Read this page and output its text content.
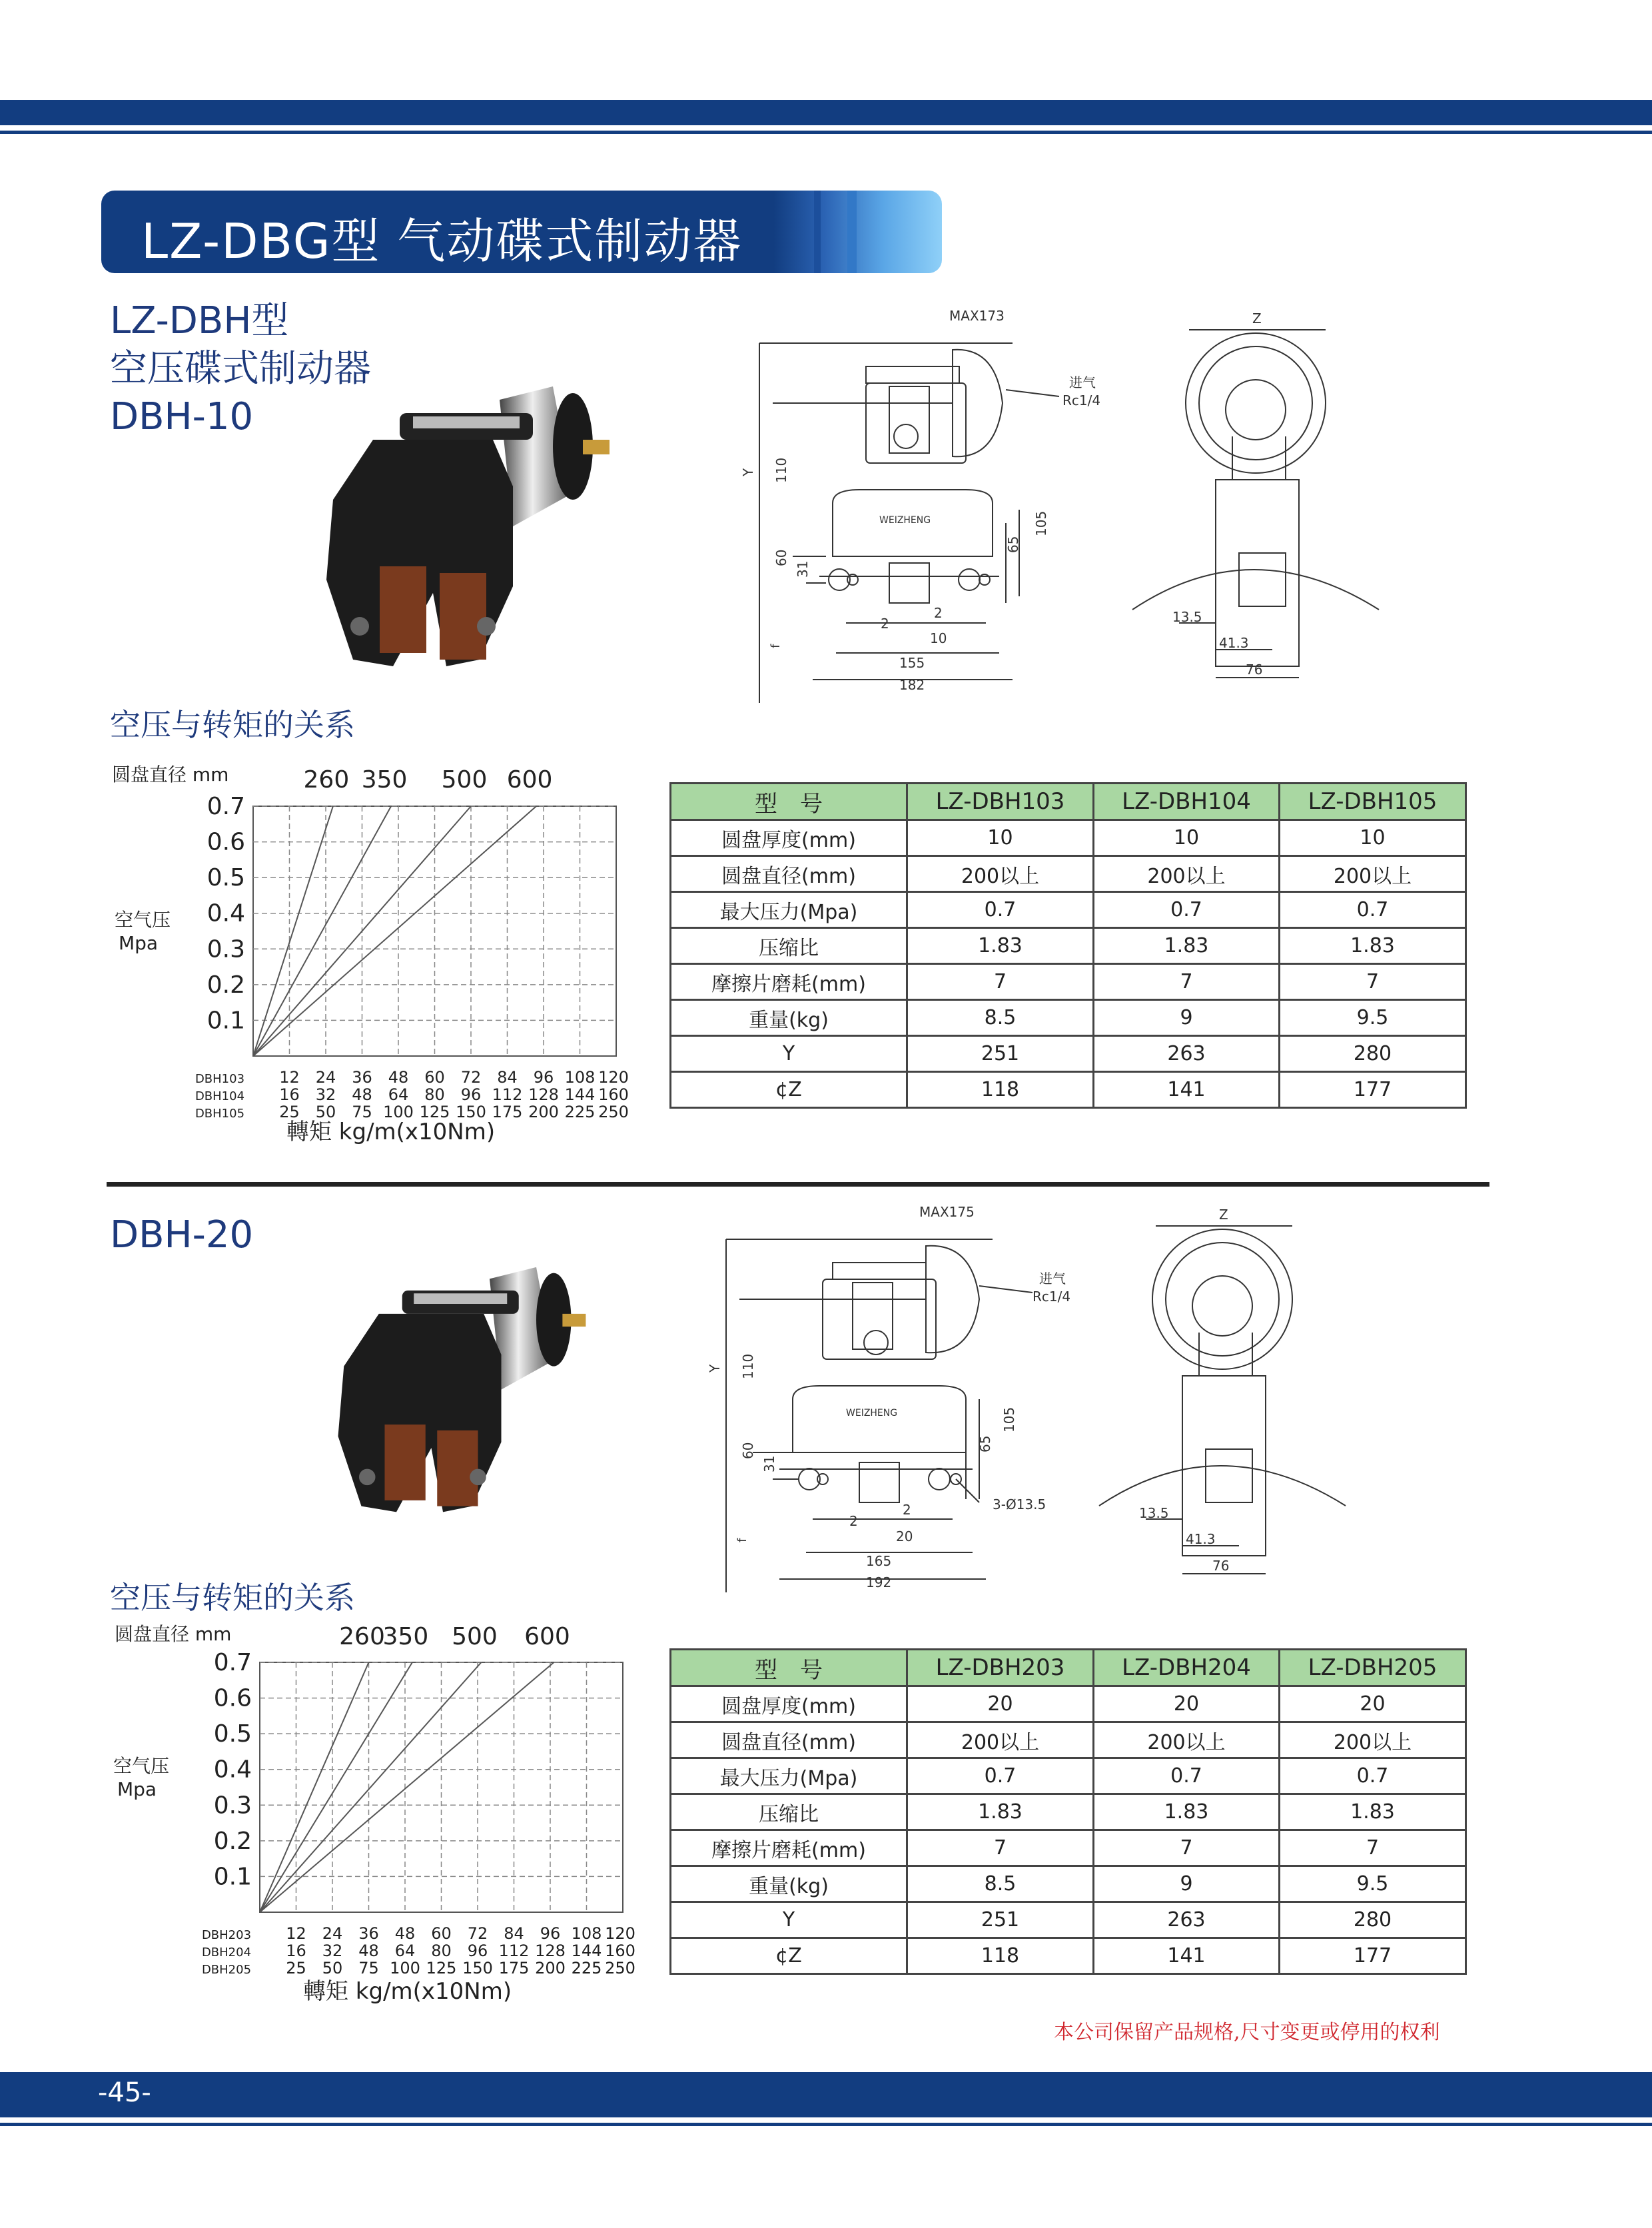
LZ-DBG型 气动碟式制动器
LZ-DBH型
空压碟式制动器
DBH-10
空压与转矩的关系
MAX173
进气
Rc1/4
WEIZHENG
Y 110
60
31
65
105
2
2
10
155
182
f
Z
13.5
41.3
76
圆盘直径 mm	260 350 500 600
0.7
0.6
0.5
0.4
0.3
0.2
0.1
空气压
Mpa
DBH103 12 24 36 48 60 72 84 96 108 120
DBH104 16 32 48 64 80 96 112 128 144 160
DBH105 25 50 75 100 125 150 175 200 225 250
轉矩 kg/m(x10Nm)
型　号	LZ-DBH103	LZ-DBH104	LZ-DBH105
圆盘厚度(mm)	10	10	10
圆盘直径(mm)	200以上	200以上	200以上
最大压力(Mpa)	0.7	0.7	0.7
压缩比	1.83	1.83	1.83
摩擦片磨耗(mm)	7	7	7
重量(kg)	8.5	9	9.5
Y	251	263	280
¢Z	118	141	177
DBH-20
空压与转矩的关系
MAX175
进气
Rc1/4
WEIZHENG
Y 110
60
31
65
105
2
2
20
165
192
3-Ø13.5
f
Z
13.5
41.3
76
圆盘直径 mm	260
350 500 600
0.7
0.6
0.5
0.4
0.3
0.2
0.1
空气压
Mpa
DBH203 12 24 36 48 60 72 84 96 108 120
DBH204 16 32 48 64 80 96 112 128 144 160
DBH205 25 50 75 100 125 150 175 200 225 250
轉矩 kg/m(x10Nm)
型　号	LZ-DBH203	LZ-DBH204	LZ-DBH205
圆盘厚度(mm)	20	20	20
圆盘直径(mm)	200以上	200以上	200以上
最大压力(Mpa)	0.7	0.7	0.7
压缩比	1.83	1.83	1.83
摩擦片磨耗(mm)	7	7	7
重量(kg)	8.5	9	9.5
Y	251	263	280
¢Z	118	141	177
本公司保留产品规格,尺寸变更或停用的权利
-45-
